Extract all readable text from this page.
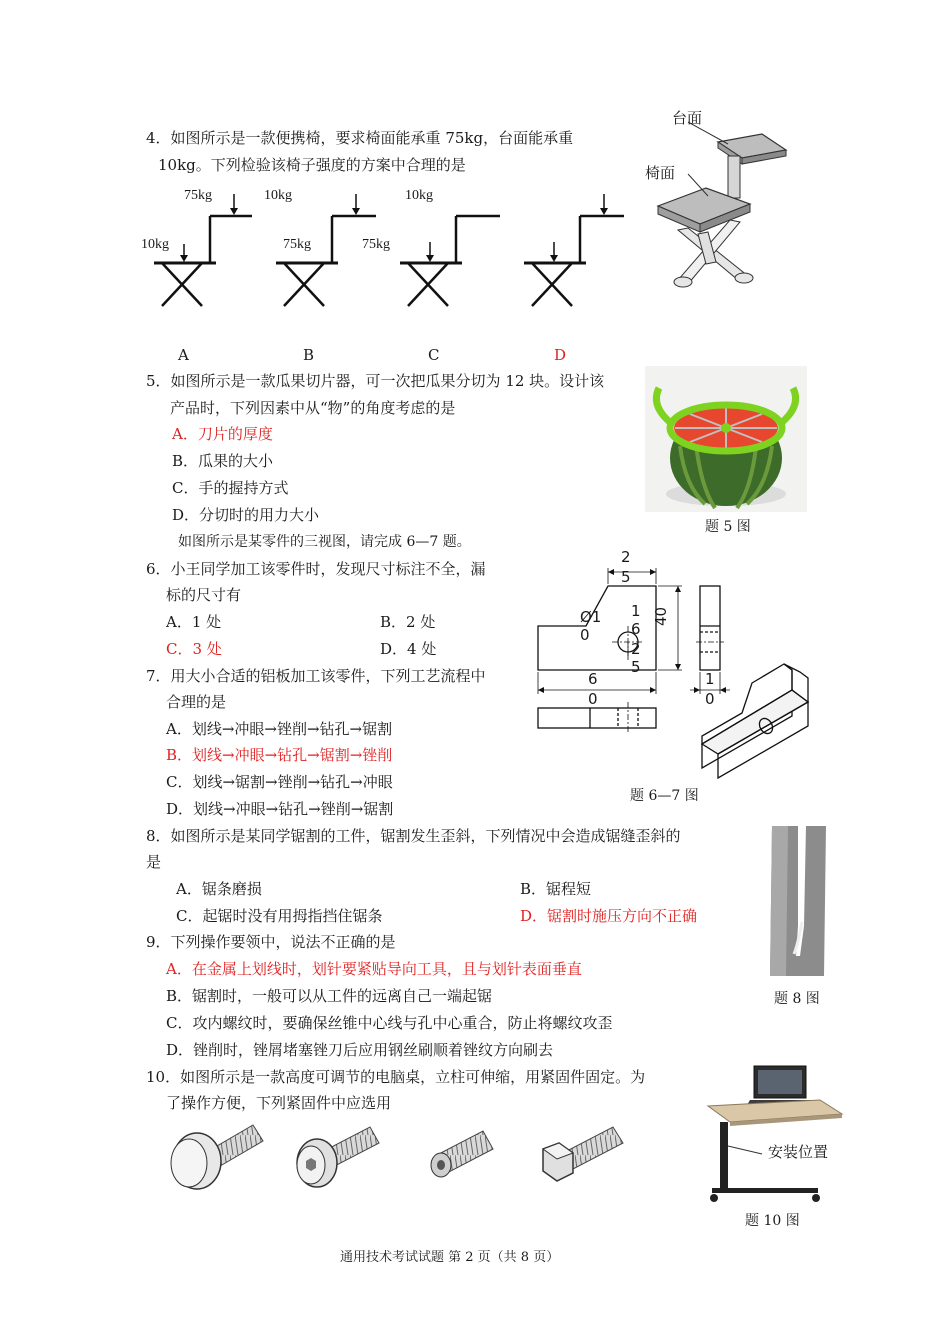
4．如图所示是一款便携椅，要求椅面能承重 75kg，台面能承重
10kg。下列检验该椅子强度的方案中合理的是
台面
椅面
75kg
10kg
10kg
75kg
10kg
75kg
A	B	C	D
5．如图所示是一款瓜果切片器，可一次把瓜果分切为 12 块。设计该
产品时，下列因素中从“物”的角度考虑的是
A．刀片的厚度
B．瓜果的大小
C．手的握持方式
D．分切时的用力大小
题 5 图
如图所示是某零件的三视图，请完成 6—7 题。
6．小王同学加工该零件时，发现尺寸标注不全，漏
标的尺寸有
A．1 处	B．2 处
C．3 处	D．4 处
7．用大小合适的铝板加工该零件，下列工艺流程中
合理的是
A．划线→冲眼→锉削→钻孔→锯割
B．划线→冲眼→钻孔→锯割→锉削
C．划线→锯割→锉削→钻孔→冲眼
D．划线→冲眼→钻孔→锉削→锯割
2
5
Ø1
0
1
6
2
5
40
6
0
1
0
题 6—7 图
8．如图所示是某同学锯割的工件，锯割发生歪斜，下列情况中会造成锯缝歪斜的
是
A．锯条磨损	B．锯程短
C．起锯时没有用拇指挡住锯条	D．锯割时施压方向不正确
题 8 图
9．下列操作要领中，说法不正确的是
A．在金属上划线时，划针要紧贴导向工具，且与划针表面垂直
B．锯割时，一般可以从工件的远离自己一端起锯
C．攻内螺纹时，要确保丝锥中心线与孔中心重合，防止将螺纹攻歪
D．锉削时，锉屑堵塞锉刀后应用钢丝刷顺着锉纹方向刷去
10．如图所示是一款高度可调节的电脑桌，立柱可伸缩，用紧固件固定。为
了操作方便，下列紧固件中应选用
安装位置
题 10 图
通用技术考试试题 第 2 页（共 8 页）
